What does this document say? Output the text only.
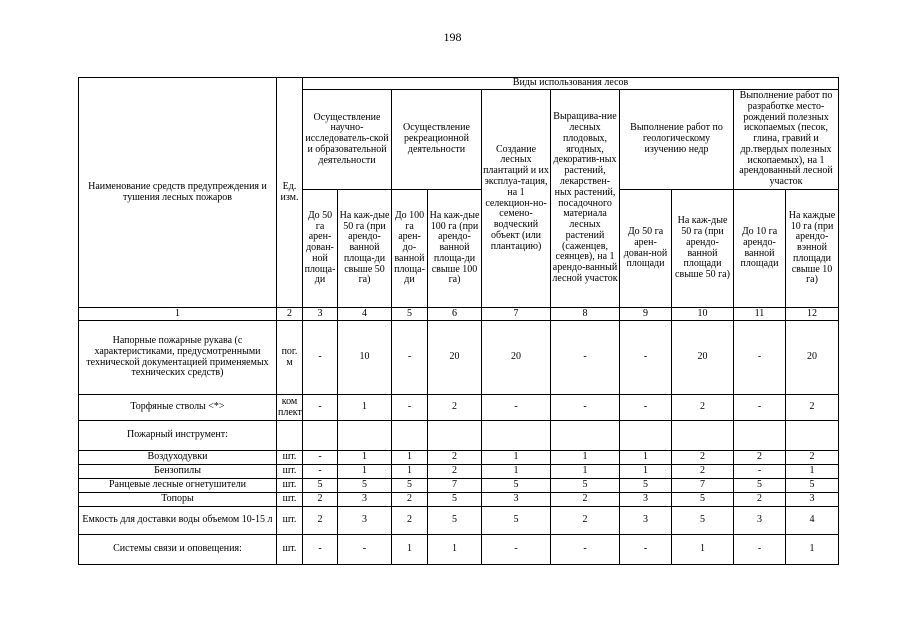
198
Наименование средств предупреждения и тушения лесных пожаров	Ед. изм.	Виды использования лесов									
		Осуществление научно-исследователь-ской и образовательной деятельности		Осуществление рекреационной деятельности		Создание лесных плантаций и их эксплуа-тация, на 1 селекцион-но-семено-водческий объект (или плантацию)	Выращива-ние лесных плодовых, ягодных, декоратив-ных растений, лекарствен-ных растений, посадочного материала лесных растений (саженцев, сеянцев), на 1 арендо-ванный лесной участок	Выполнение работ по геологическому изучению недр		Выполнение работ по разработке место-рождений полезных ископаемых (песок, глина, гравий и др.твердых полезных ископаемых), на 1 арендованный лесной участок	
		До 50 га арен-дован-ной площа-ди	На каж-дые 50 га (при арендо-ванной площа-ди свыше 50 га)	До 100 га арен-до-ванной площа-ди	На каж-дые 100 га (при арендо-ванной площа-ди свыше 100 га)			До 50 га арен-дован-ной площади	На каж-дые 50 га (при арендо-ванной площади свыше 50 га)	До 10 га арендо-ванной площади	На каждые 10 га (при арендо-вэнной площади свыше 10 га)
1	2	3	4	5	6	7	8	9	10	11	12
Напорные пожарные рукава (с характеристиками, предусмотренными технической документацией применяемых технических средств)	пог. м	-	10	-	20	20	-	-	20	-	20
Торфяные стволы <*>	ком плект	-	1	-	2	-	-	-	2	-	2
Пожарный инструмент:											
Воздуходувки	шт.	-	1	1	2	1	1	1	2	2	2
Бензопилы	шт.	-	1	1	2	1	1	1	2	-	1
Ранцевые лесные огнетушители	шт.	5	5	5	7	5	5	5	7	5	5
Топоры	шт.	2	3	2	5	3	2	3	5	2	3
Емкость для доставки воды объемом 10-15 л	шт.	2	3	2	5	5	2	3	5	3	4
Системы связи и оповещения:	шт.	-	-	1	1	-	-	-	1	-	1
